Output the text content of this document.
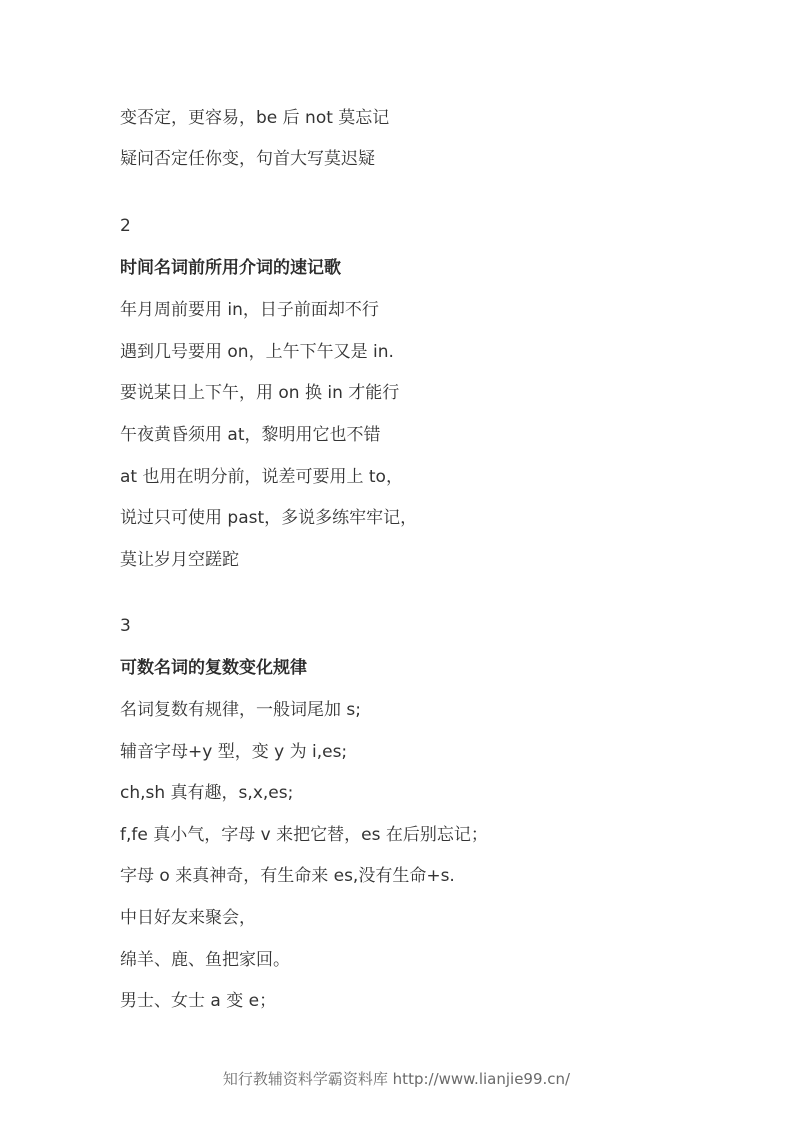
变否定，更容易，be 后 not 莫忘记
疑问否定任你变，句首大写莫迟疑
2
时间名词前所用介词的速记歌
年月周前要用 in，日子前面却不行
遇到几号要用 on，上午下午又是 in.
要说某日上下午，用 on 换 in 才能行
午夜黄昏须用 at，黎明用它也不错
at 也用在明分前，说差可要用上 to，
说过只可使用 past，多说多练牢牢记，
莫让岁月空蹉跎
3
可数名词的复数变化规律
名词复数有规律，一般词尾加 s;
辅音字母+y 型，变 y 为 i,es;
ch,sh 真有趣，s,x,es;
f,fe 真小气，字母 v 来把它替，es 在后别忘记；
字母 o 来真神奇，有生命来 es,没有生命+s.
中日好友来聚会，
绵羊、鹿、鱼把家回。
男士、女士 a 变 e；
知行教辅资料学霸资料库 http://www.lianjie99.cn/
